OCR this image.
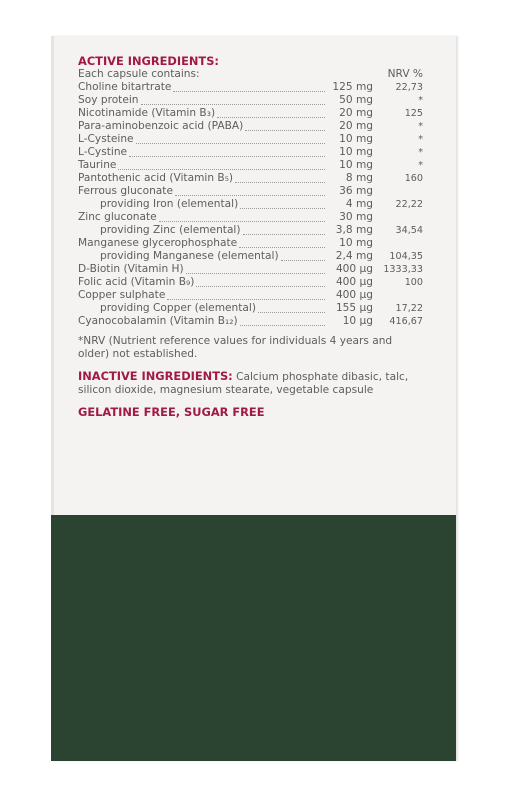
ACTIVE INGREDIENTS:
Each capsule contains:	NRV %
Choline bitartrate	125 mg	22,73
Soy protein	50 mg	*
Nicotinamide (Vitamin B₃)	20 mg	125
Para-aminobenzoic acid (PABA)	20 mg	*
L-Cysteine	10 mg	*
L-Cystine	10 mg	*
Taurine	10 mg	*
Pantothenic acid (Vitamin B₅)	8 mg	160
Ferrous gluconate	36 mg
providing Iron (elemental)	4 mg	22,22
Zinc gluconate	30 mg
providing Zinc (elemental)	3,8 mg	34,54
Manganese glycerophosphate	10 mg
providing Manganese (elemental)	2,4 mg	104,35
D-Biotin (Vitamin H)	400 µg	1333,33
Folic acid (Vitamin B₉)	400 µg	100
Copper sulphate	400 µg
providing Copper (elemental)	155 µg	17,22
Cyanocobalamin (Vitamin B₁₂)	10 µg	416,67
*NRV (Nutrient reference values for individuals 4 years and older) not established.
INACTIVE INGREDIENTS: Calcium phosphate dibasic, talc, silicon dioxide, magnesium stearate, vegetable capsule
GELATINE FREE, SUGAR FREE
